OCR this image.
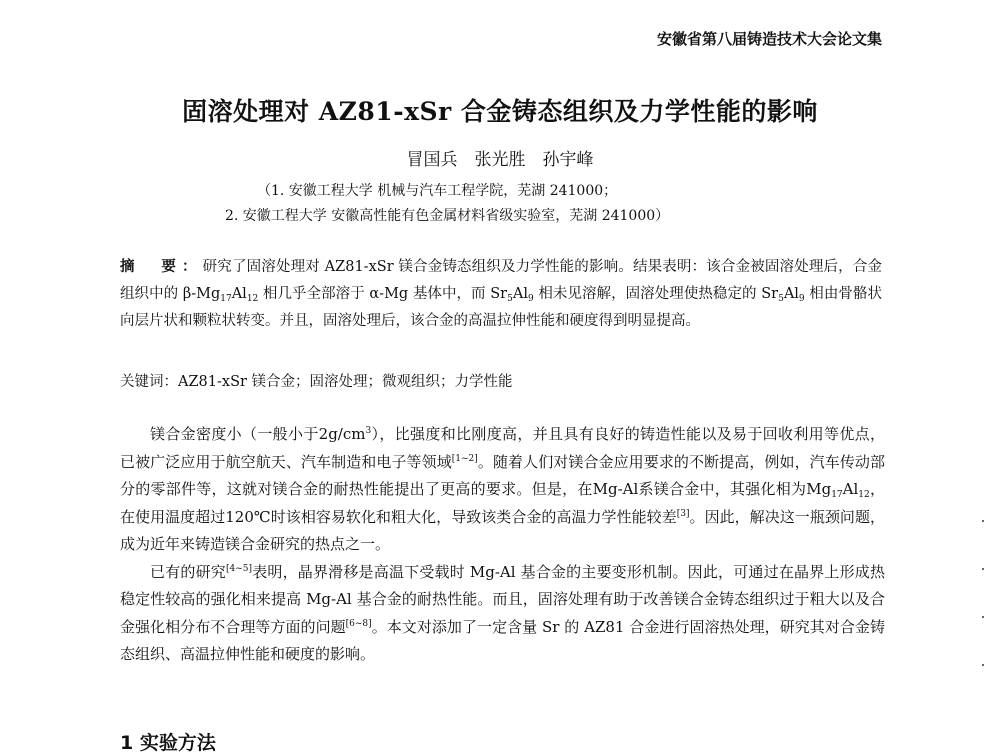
安徽省第八届铸造技术大会论文集
固溶处理对 AZ81-xSr 合金铸态组织及力学性能的影响
冒国兵　张光胜　孙宇峰
（1. 安徽工程大学 机械与汽车工程学院，芜湖 241000；
2. 安徽工程大学 安徽高性能有色金属材料省级实验室，芜湖 241000）
摘　要：研究了固溶处理对 AZ81-xSr 镁合金铸态组织及力学性能的影响。结果表明：该合金被固溶处理后，合金组织中的 $\beta-Mg_{17}Al_{12}$ 相几乎全部溶于 α-Mg 基体中，而 $Sr_5Al_9$ 相未见溶解，固溶处理使热稳定的 $Sr_5Al_9$ 相由骨骼状向层片状和颗粒状转变。并且，固溶处理后，该合金的高温拉伸性能和硬度得到明显提高。
关键词：AZ81-xSr 镁合金；固溶处理；微观组织；力学性能

镁合金密度小（一般小于$2g/cm^3$），比强度和比刚度高，并且具有良好的铸造性能以及易于回收利用等优点，已被广泛应用于航空航天、汽车制造和电子等领域[1~2]。随着人们对镁合金应用要求的不断提高，例如，汽车传动部分的零部件等，这就对镁合金的耐热性能提出了更高的要求。但是，在Mg-Al系镁合金中，其强化相为$Mg_{17}Al_{12}$，在使用温度超过120℃时该相容易软化和粗大化，导致该类合金的高温力学性能较差[3]。因此，解决这一瓶颈问题，成为近年来铸造镁合金研究的热点之一。

已有的研究[4~5]表明，晶界滑移是高温下受载时 Mg-Al 基合金的主要变形机制。因此，可通过在晶界上形成热稳定性较高的强化相来提高 Mg-Al 基合金的耐热性能。而且，固溶处理有助于改善镁合金铸态组织过于粗大以及合金强化相分布不合理等方面的问题[6~8]。本文对添加了一定含量 Sr 的 AZ81 合金进行固溶热处理，研究其对合金铸态组织、高温拉伸性能和硬度的影响。

1 实验方法
